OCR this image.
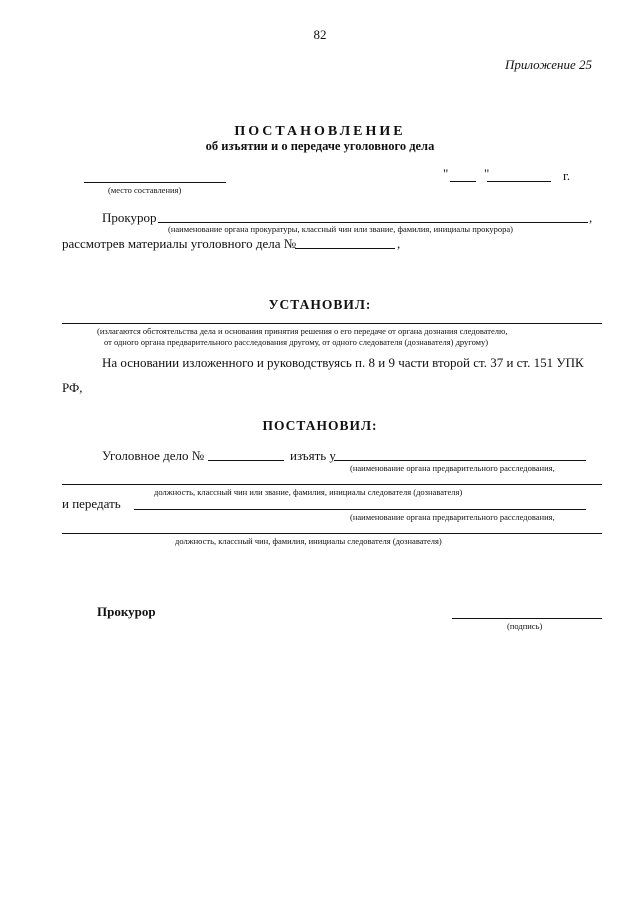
82
Приложение 25
ПОСТАНОВЛЕНИЕ
об изъятии и о передаче уголовного дела
(место составления)
"	"	г.
Прокурор	,
(наименование органа прокуратуры, классный чин или звание, фамилия, инициалы прокурора)
рассмотрев материалы уголовного дела №	,
УСТАНОВИЛ:
(излагаются обстоятельства дела и основания принятия решения о его передаче от органа дознания следователю,
от одного органа предварительного расследования другому, от одного следователя (дознавателя) другому)
На основании изложенного и руководствуясь п. 8 и 9 части второй ст. 37 и ст. 151 УПК
РФ,
ПОСТАНОВИЛ:
Уголовное дело №	изъять у
(наименование органа предварительного расследования,
должность, классный чин или звание, фамилия, инициалы следователя (дознавателя)
и передать
(наименование органа предварительного расследования,
должность, классный чин, фамилия, инициалы следователя (дознавателя)
Прокурор
(подпись)
